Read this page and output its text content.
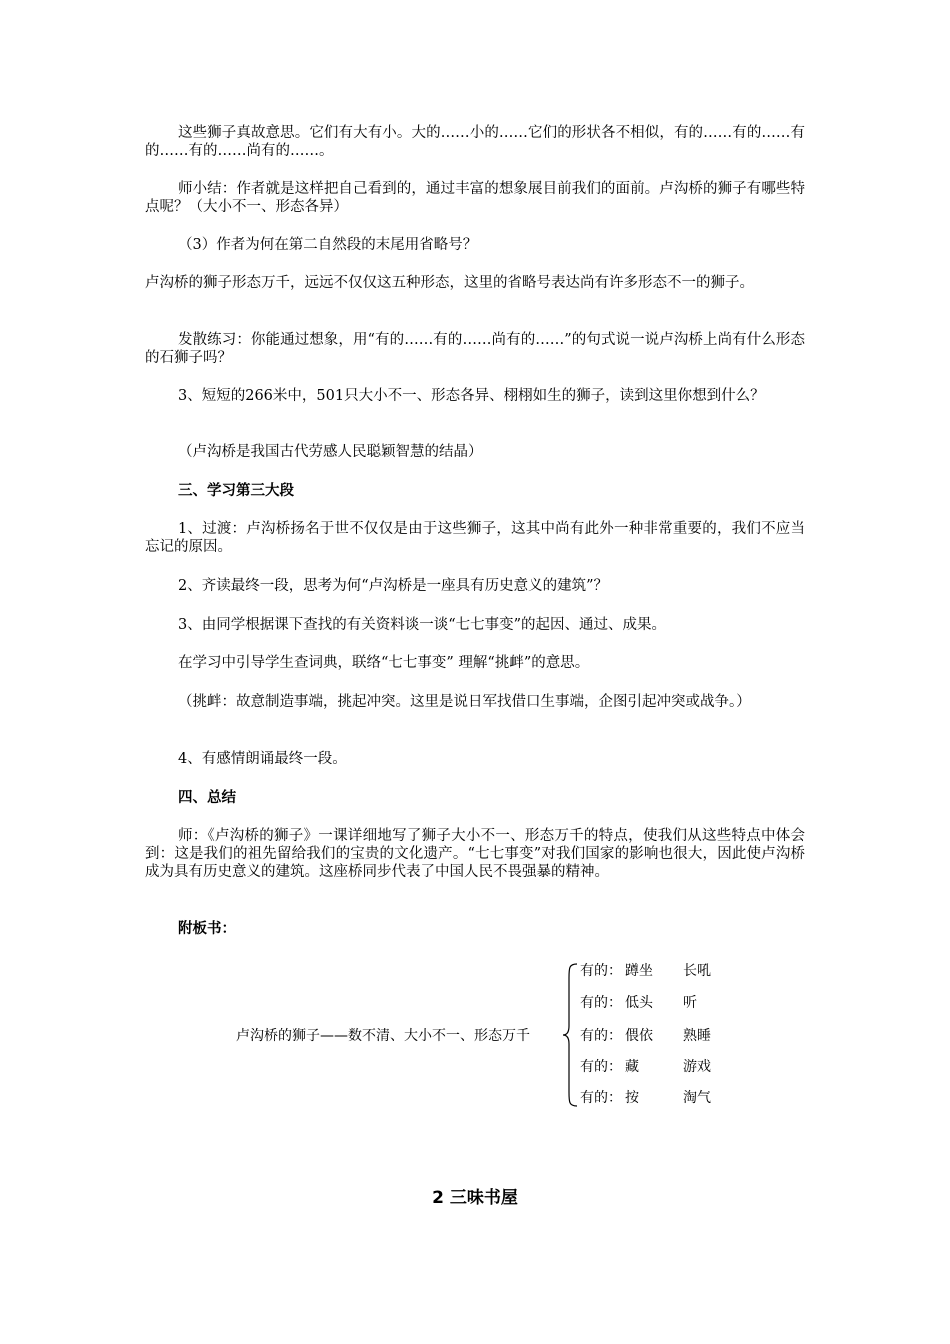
这些狮子真故意思。它们有大有小。大的……小的……它们的形状各不相似，有的……有的……有的……有的……尚有的……。

师小结：作者就是这样把自己看到的，通过丰富的想象展目前我们的面前。卢沟桥的狮子有哪些特点呢？（大小不一、形态各异）

（3）作者为何在第二自然段的末尾用省略号？

卢沟桥的狮子形态万千，远远不仅仅这五种形态，这里的省略号表达尚有许多形态不一的狮子。

发散练习：你能通过想象，用“有的……有的……尚有的……”的句式说一说卢沟桥上尚有什么形态的石狮子吗？

3、短短的266米中，501只大小不一、形态各异、栩栩如生的狮子，读到这里你想到什么？

（卢沟桥是我国古代劳感人民聪颖智慧的结晶）

三、学习第三大段

1、过渡：卢沟桥扬名于世不仅仅是由于这些狮子，这其中尚有此外一种非常重要的，我们不应当忘记的原因。

2、齐读最终一段，思考为何“卢沟桥是一座具有历史意义的建筑”？

3、由同学根据课下查找的有关资料谈一谈“七七事变”的起因、通过、成果。

在学习中引导学生查词典，联络“七七事变” 理解“挑衅”的意思。

（挑衅：故意制造事端，挑起冲突。这里是说日军找借口生事端，企图引起冲突或战争。）

4、有感情朗诵最终一段。

四、总结

师：《卢沟桥的狮子》一课详细地写了狮子大小不一、形态万千的特点，使我们从这些特点中体会到：这是我们的祖先留给我们的宝贵的文化遗产。“七七事变”对我们国家的影响也很大，因此使卢沟桥成为具有历史意义的建筑。这座桥同步代表了中国人民不畏强暴的精神。

附板书：

卢沟桥的狮子——数不清、大小不一、形态万千
有的： 蹲坐 长吼
有的： 低头 听
有的： 偎依 熟睡
有的： 藏	游戏
有的： 按	淘气
2 三味书屋
